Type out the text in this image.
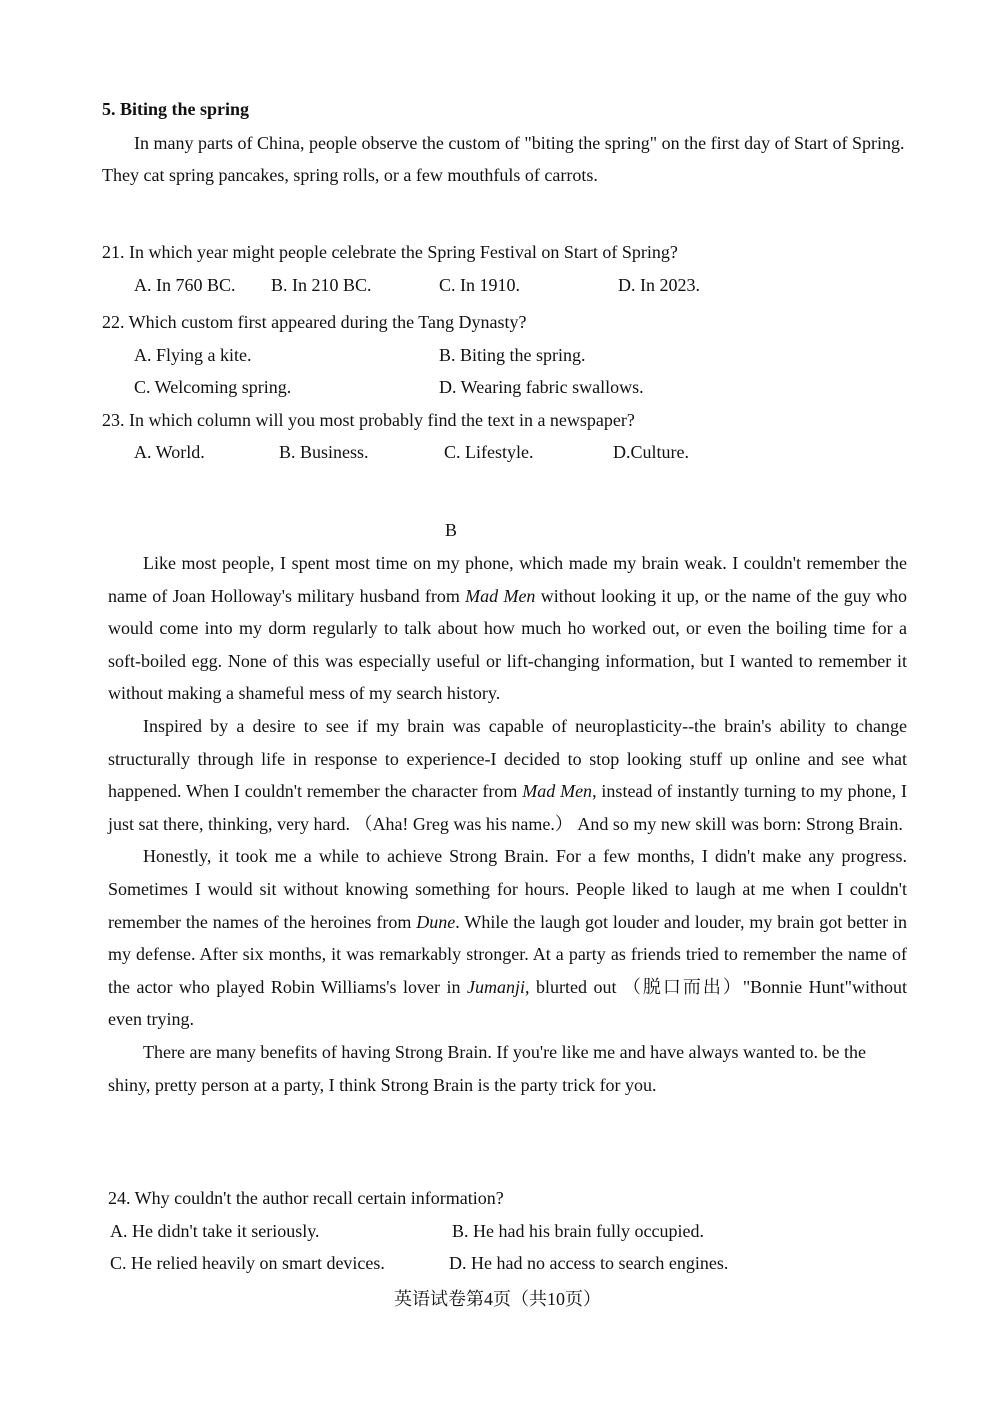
5. Biting the spring

In many parts of China, people observe the custom of "biting the spring" on the first day of Start of Spring. They cat spring pancakes, spring rolls, or a few mouthfuls of carrots.

21. In which year might people celebrate the Spring Festival on Start of Spring?
A. In 760 BC. B. In 210 BC.	C. In 1910.	D. In 2023.
22. Which custom first appeared during the Tang Dynasty?
A. Flying a kite.	B. Biting the spring.
C. Welcoming spring.	D. Wearing fabric swallows.
23. In which column will you most probably find the text in a newspaper?
A. World.	B. Business.	C. Lifestyle.	D.Culture.
B

Like most people, I spent most time on my phone, which made my brain weak. I couldn't remember the name of Joan Holloway's military husband from Mad Men without looking it up, or the name of the guy who would come into my dorm regularly to talk about how much ho worked out, or even the boiling time for a soft-boiled egg. None of this was especially useful or lift-changing information, but I wanted to remember it without making a shameful mess of my search history.

Inspired by a desire to see if my brain was capable of neuroplasticity--the brain's ability to change structurally through life in response to experience-I decided to stop looking stuff up online and see what happened. When I couldn't remember the character from Mad Men, instead of instantly turning to my phone, I just sat there, thinking, very hard. （Aha! Greg was his name.） And so my new skill was born: Strong Brain.

Honestly, it took me a while to achieve Strong Brain. For a few months, I didn't make any progress. Sometimes I would sit without knowing something for hours. People liked to laugh at me when I couldn't remember the names of the heroines from Dune. While the laugh got louder and louder, my brain got better in my defense. After six months, it was remarkably stronger. At a party as friends tried to remember the name of the actor who played Robin Williams's lover in Jumanji, blurted out （脱口而出）"Bonnie Hunt"without even trying.

There are many benefits of having Strong Brain. If you're like me and have always wanted to. be the shiny, pretty person at a party, I think Strong Brain is the party trick for you.

24. Why couldn't the author recall certain information?
A. He didn't take it seriously.	B. He had his brain fully occupied.
C. He relied heavily on smart devices.	D. He had no access to search engines.
英语试卷第4页（共10页）
